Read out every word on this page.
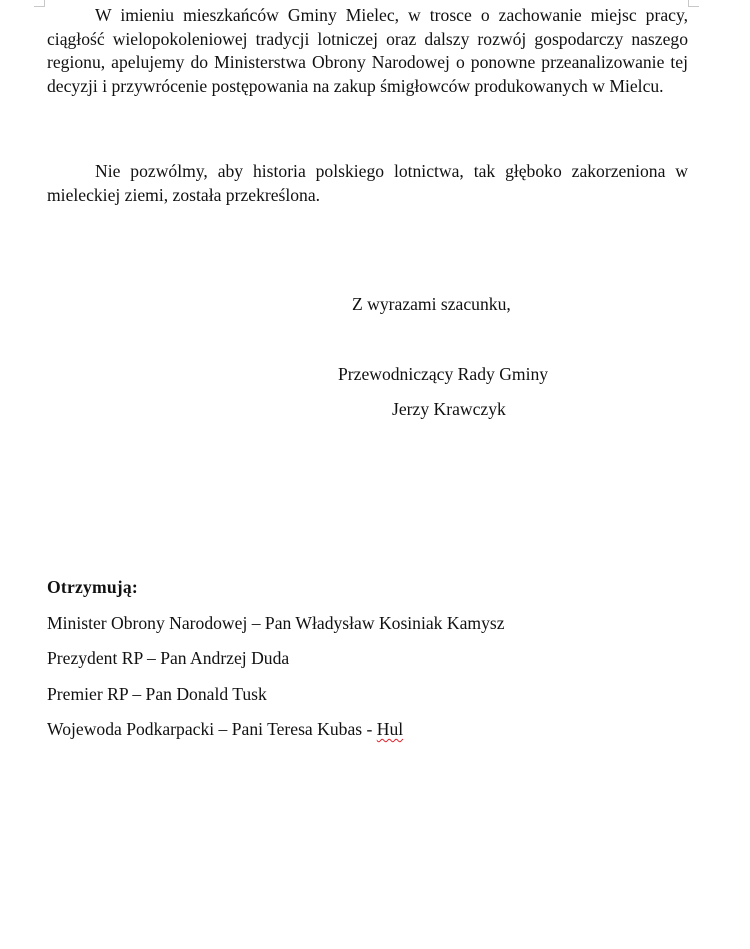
W imieniu mieszkańców Gminy Mielec, w trosce o zachowanie miejsc pracy, ciągłość wielopokoleniowej tradycji lotniczej oraz dalszy rozwój gospodarczy naszego regionu, apelujemy do Ministerstwa Obrony Narodowej o ponowne przeanalizowanie tej decyzji i przywrócenie postępowania na zakup śmigłowców produkowanych w Mielcu.

Nie pozwólmy, aby historia polskiego lotnictwa, tak głęboko zakorzeniona w mieleckiej ziemi, została przekreślona.

Z wyrazami szacunku,
Przewodniczący Rady Gminy
Jerzy Krawczyk

Otrzymują:

Minister Obrony Narodowej – Pan Władysław Kosiniak Kamysz
Prezydent RP – Pan Andrzej Duda
Premier RP – Pan Donald Tusk
Wojewoda Podkarpacki – Pani Teresa Kubas - Hul
